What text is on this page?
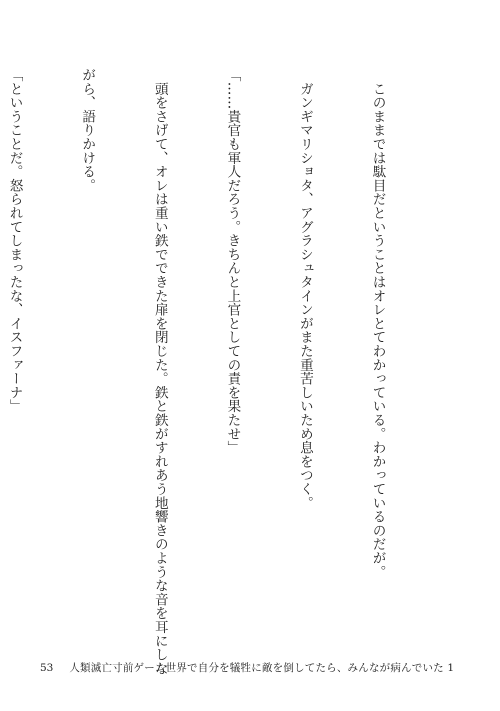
　このままでは駄目だということはオレとてわかっている。わかっているのだが。

　ガンギマリショタ、アグラシュタインがまた重苦しいため息をつく。

「……貴官も軍人だろう。きちんと上官としての責を果たせ」

　頭をさげて、オレは重い鉄でできた扉を閉じた。鉄と鉄がすれあう地響きのような音を耳にしな

がら、語りかける。

「ということだ。怒られてしまったな、イスファーナ」

53 人類滅亡寸前ゲーム世界で自分を犠牲に敵を倒してたら、みんなが病んでいた 1
